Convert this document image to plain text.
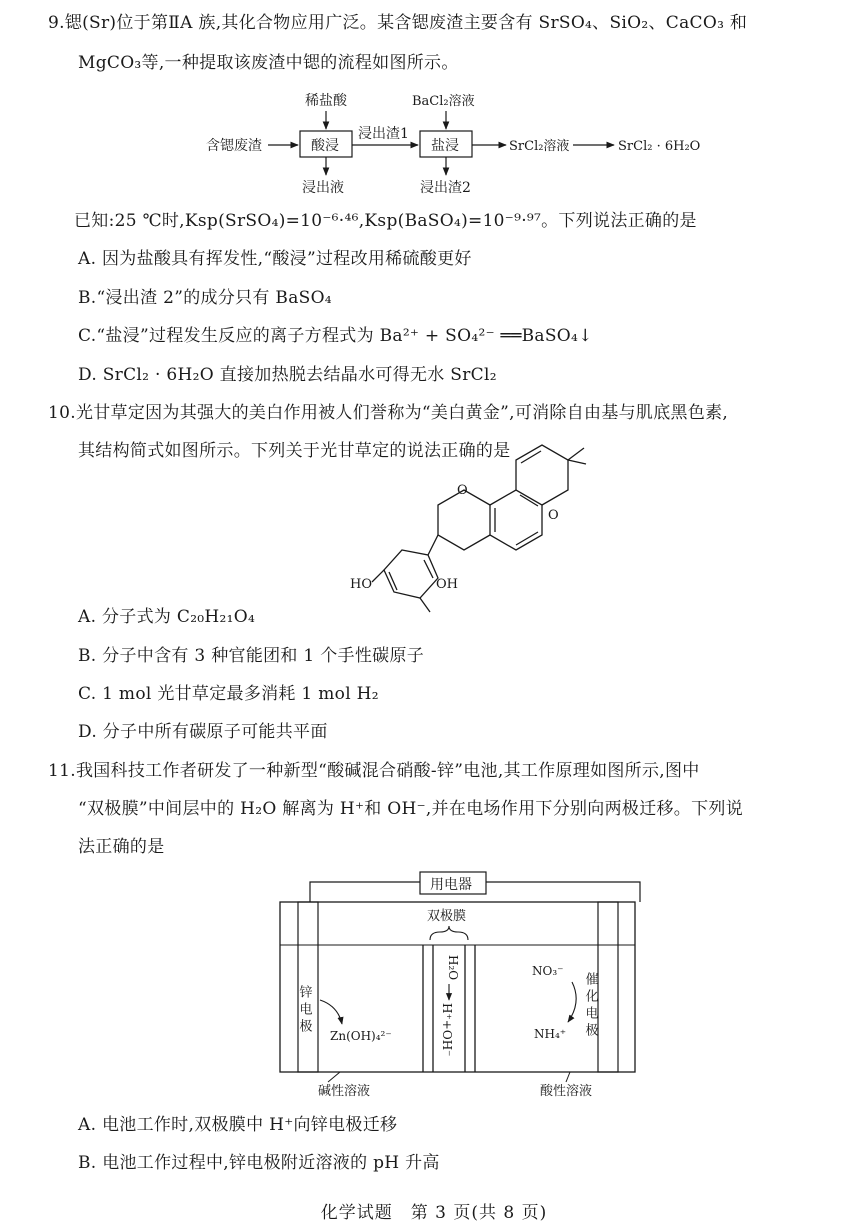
9.锶(Sr)位于第ⅡA 族,其化合物应用广泛。某含锶废渣主要含有 SrSO₄、SiO₂、CaCO₃ 和
MgCO₃等,一种提取该废渣中锶的流程如图所示。
含锶废渣	酸浸
稀盐酸
浸出液
浸出渣1
盐浸
BaCl₂溶液
浸出渣2
SrCl₂溶液	SrCl₂ · 6H₂O
O
O
HO	OH
用电器
双极膜
H₂O
H⁺+OH⁻
锌电极	催化电极
Zn(OH)₄²⁻
NO₃⁻
NH₄⁺
碱性溶液	酸性溶液
已知:25 ℃时,Ksp(SrSO₄)=10⁻⁶·⁴⁶,Ksp(BaSO₄)=10⁻⁹·⁹⁷。下列说法正确的是
A. 因为盐酸具有挥发性,“酸浸”过程改用稀硫酸更好
B.“浸出渣 2”的成分只有 BaSO₄
C.“盐浸”过程发生反应的离子方程式为 Ba²⁺ + SO₄²⁻ ══BaSO₄↓
D. SrCl₂ · 6H₂O 直接加热脱去结晶水可得无水 SrCl₂
10.光甘草定因为其强大的美白作用被人们誉称为“美白黄金”,可消除自由基与肌底黑色素,
其结构简式如图所示。下列关于光甘草定的说法正确的是
A. 分子式为 C₂₀H₂₁O₄
B. 分子中含有 3 种官能团和 1 个手性碳原子
C. 1 mol 光甘草定最多消耗 1 mol H₂
D. 分子中所有碳原子可能共平面
11.我国科技工作者研发了一种新型“酸碱混合硝酸-锌”电池,其工作原理如图所示,图中
“双极膜”中间层中的 H₂O 解离为 H⁺和 OH⁻,并在电场作用下分别向两极迁移。下列说
法正确的是
A. 电池工作时,双极膜中 H⁺向锌电极迁移
B. 电池工作过程中,锌电极附近溶液的 pH 升高
化学试题　第 3 页(共 8 页)
